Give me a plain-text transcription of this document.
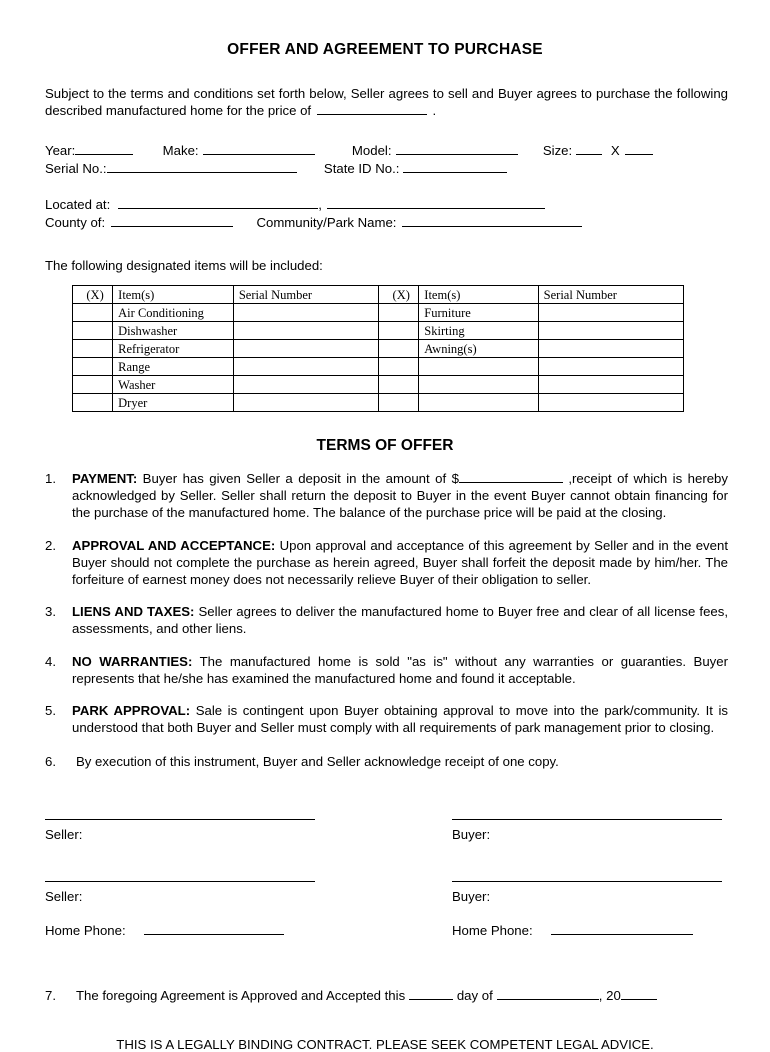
OFFER AND AGREEMENT TO PURCHASE

Subject to the terms and conditions set forth below, Seller agrees to sell and Buyer agrees to purchase the following described manufactured home for the price of	.

Year:	Make:	Model:	Size:	X
Serial No.:	State ID No.:
Located at:	,
County of:	Community/Park Name:
The following designated items will be included:
(X)	Item(s)	Serial Number	(X)	Item(s)	Serial Number
	Air Conditioning			Furniture	
	Dishwasher			Skirting	
	Refrigerator			Awning(s)	
	Range				
	Washer				
	Dryer				
TERMS OF OFFER
1.	PAYMENT: Buyer has given Seller a deposit in the amount of $	,receipt of which is hereby acknowledged by Seller. Seller shall return the deposit to Buyer in the event Buyer cannot obtain financing for the purchase of the manufactured home. The balance of the purchase price will be paid at the closing.
2.	APPROVAL AND ACCEPTANCE: Upon approval and acceptance of this agreement by Seller and in the event Buyer should not complete the purchase as herein agreed, Buyer shall forfeit the deposit made by him/her. The forfeiture of earnest money does not necessarily relieve Buyer of their obligation to seller.
3.	LIENS AND TAXES: Seller agrees to deliver the manufactured home to Buyer free and clear of all license fees, assessments, and other liens.
4.	NO WARRANTIES: The manufactured home is sold "as is" without any warranties or guaranties. Buyer represents that he/she has examined the manufactured home and found it acceptable.
5.	PARK APPROVAL: Sale is contingent upon Buyer obtaining approval to move into the park/community. It is understood that both Buyer and Seller must comply with all requirements of park management prior to closing.
6.	By execution of this instrument, Buyer and Seller acknowledge receipt of one copy.
Seller:
Seller:
Home Phone:
Buyer:
Buyer:
Home Phone:
7. The foregoing Agreement is Approved and Accepted this	day of	, 20
THIS IS A LEGALLY BINDING CONTRACT. PLEASE SEEK COMPETENT LEGAL ADVICE.
